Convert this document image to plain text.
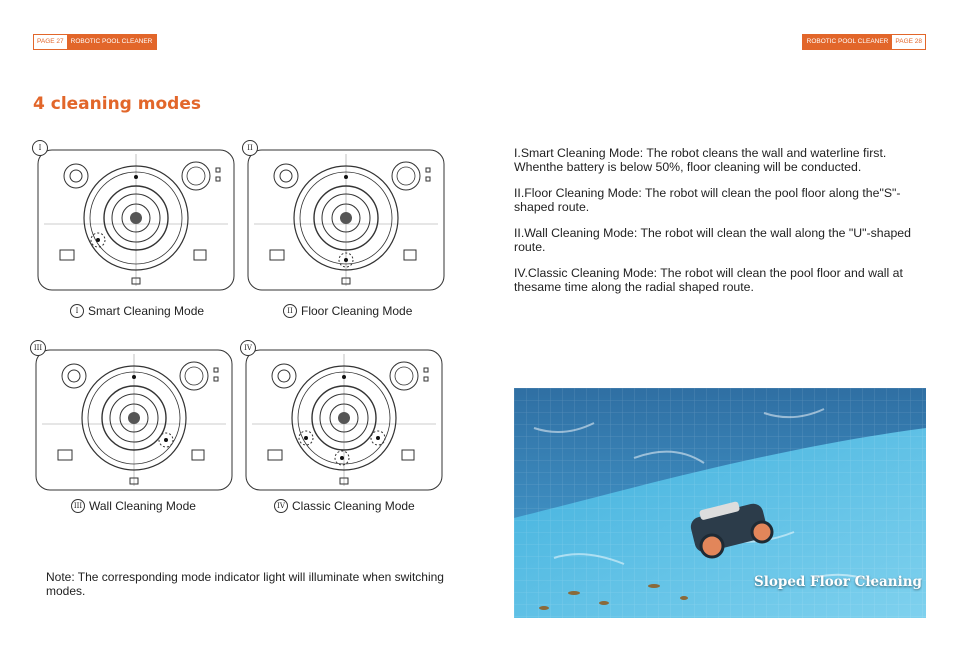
PAGE 27	ROBOTIC POOL CLEANER	ROBOTIC POOL CLEANER	PAGE 28
4 cleaning modes
I	II
III	IV
I Smart Cleaning Mode	II Floor Cleaning Mode
III Wall Cleaning Mode	IV Classic Cleaning Mode

I.Smart Cleaning Mode: The robot cleans the wall and waterline first. Whenthe battery is below 50%, floor cleaning will be conducted.

II.Floor Cleaning Mode: The robot will clean the pool floor along the"S"-shaped route.

II.Wall Cleaning Mode: The robot will clean the wall along the "U"-shaped route.

IV.Classic Cleaning Mode: The robot will clean the pool floor and wall at thesame time along the radial shaped route.

Note: The corresponding mode indicator light will illuminate when switching modes.
Sloped Floor Cleaning
